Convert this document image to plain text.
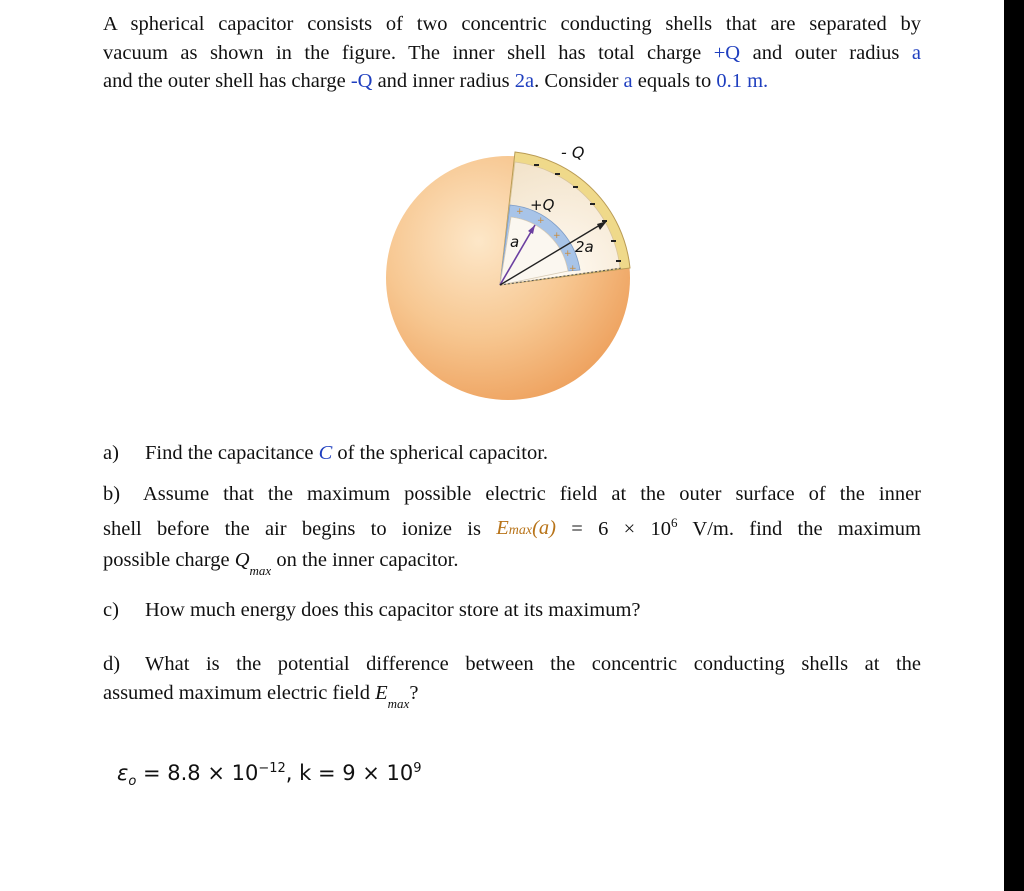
A spherical capacitor consists of two concentric conducting shells that are separated by
vacuum as shown in the figure. The inner shell has total charge +Q and outer radius a
and the outer shell has charge -Q and inner radius 2a. Consider a equals to 0.1 m.

+
+
+
+
+
- Q
+Q
a	2a

a) Find the capacitance C of the spherical capacitor.

b) Assume that the maximum possible electric field at the outer surface of the inner
shell before the air begins to ionize is $Emax(a) = 6 \times 10^6$ V/m. find the maximum
possible charge $Q_{max}$ on the inner capacitor.

c) How much energy does this capacitor store at its maximum?

d) What is the potential difference between the concentric conducting shells at the
assumed maximum electric field $E_{max}$?

$\varepsilon_o = 8.8 \times 10^{-12}$, $k = 9 \times 10^9$
